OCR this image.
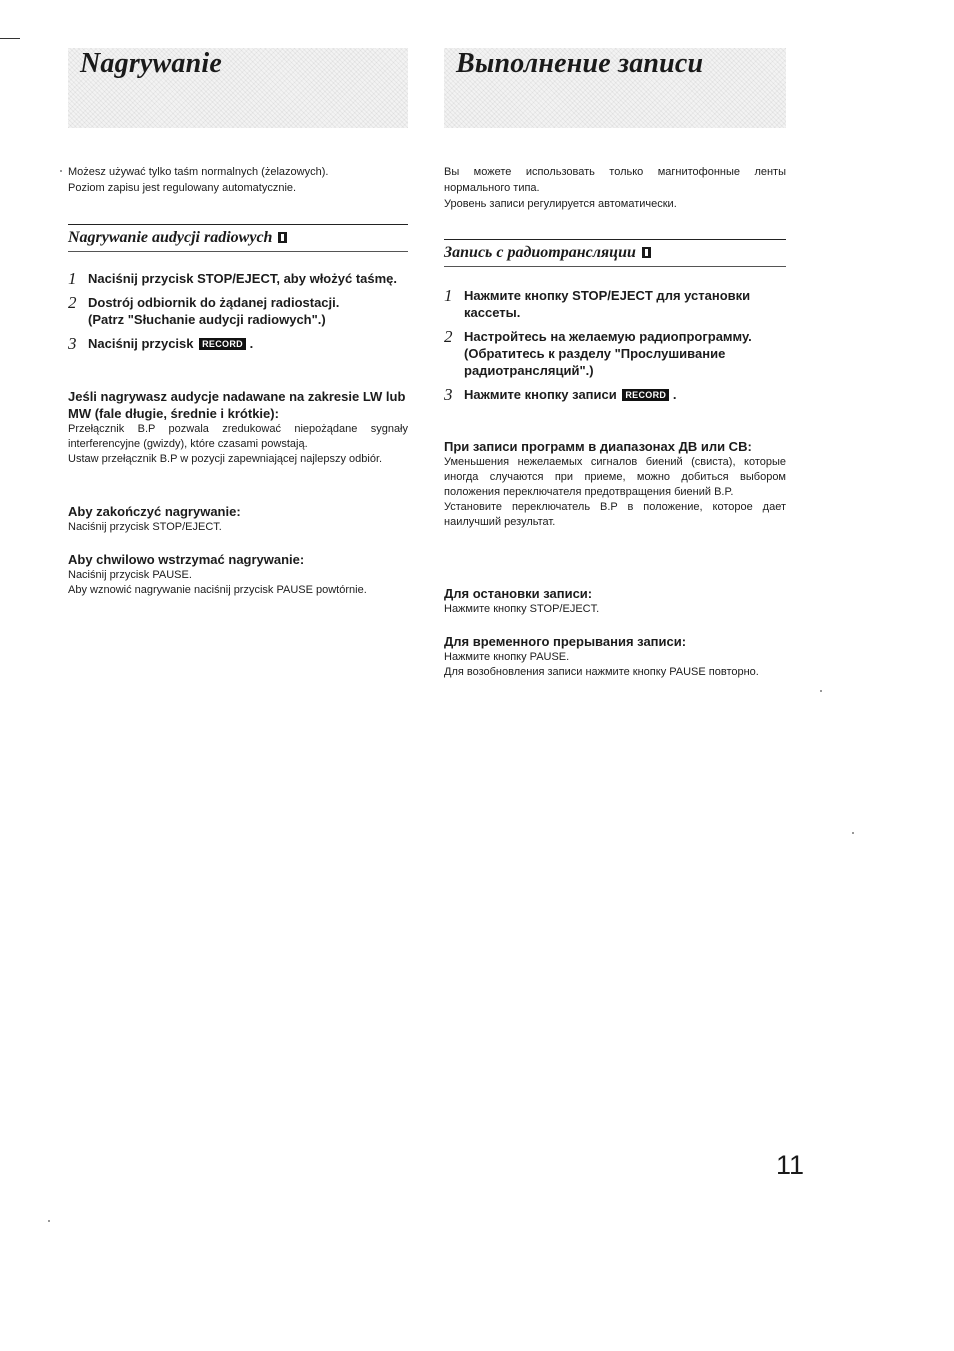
Nagrywanie

Możesz używać tylko taśm normalnych (żelazowych).

Poziom zapisu jest regulowany automatycznie.

Nagrywanie audycji radiowych
1 Naciśnij przycisk STOP/EJECT, aby włożyć taśmę.
2 Dostrój odbiornik do żądanej radiostacji.
(Patrz "Słuchanie audycji radiowych".)
3 Naciśnij przycisk RECORD .
Jeśli nagrywasz audycje nadawane na zakresie LW lub MW (fale długie, średnie i krótkie):

Przełącznik B.P pozwala zredukować niepożądane sygnały interferencyjne (gwizdy), które czasami powstają.

Ustaw przełącznik B.P w pozycji zapewniającej najlepszy odbiór.

Aby zakończyć nagrywanie:

Naciśnij przycisk STOP/EJECT.

Aby chwilowo wstrzymać nagrywanie:

Naciśnij przycisk PAUSE.

Aby wznowić nagrywanie naciśnij przycisk PAUSE powtórnie.

Выполнение записи

Вы можете использовать только магнитофонные ленты нормального типа.

Уровень записи регулируется автоматически.

Запись с радиотрансляции
1 Нажмите кнопку STOP/EJECT для установки кассеты.
2 Настройтесь на желаемую радиопрограмму.
(Обратитесь к разделу "Прослушивание радиотрансляций".)
3 Нажмите кнопку записи RECORD .
При записи программ в диапазонах ДВ или СВ:

Уменьшения нежелаемых сигналов биений (свиста), которые иногда случаются при приеме, можно добиться выбором положения переключателя предотвращения биений B.P.

Установите переключатель B.P в положение, которое дает наилучший результат.

Для остановки записи:

Нажмите кнопку STOP/EJECT.

Для временного прерывания записи:

Нажмите кнопку PAUSE.

Для возобновления записи нажмите кнопку PAUSE повторно.

11
